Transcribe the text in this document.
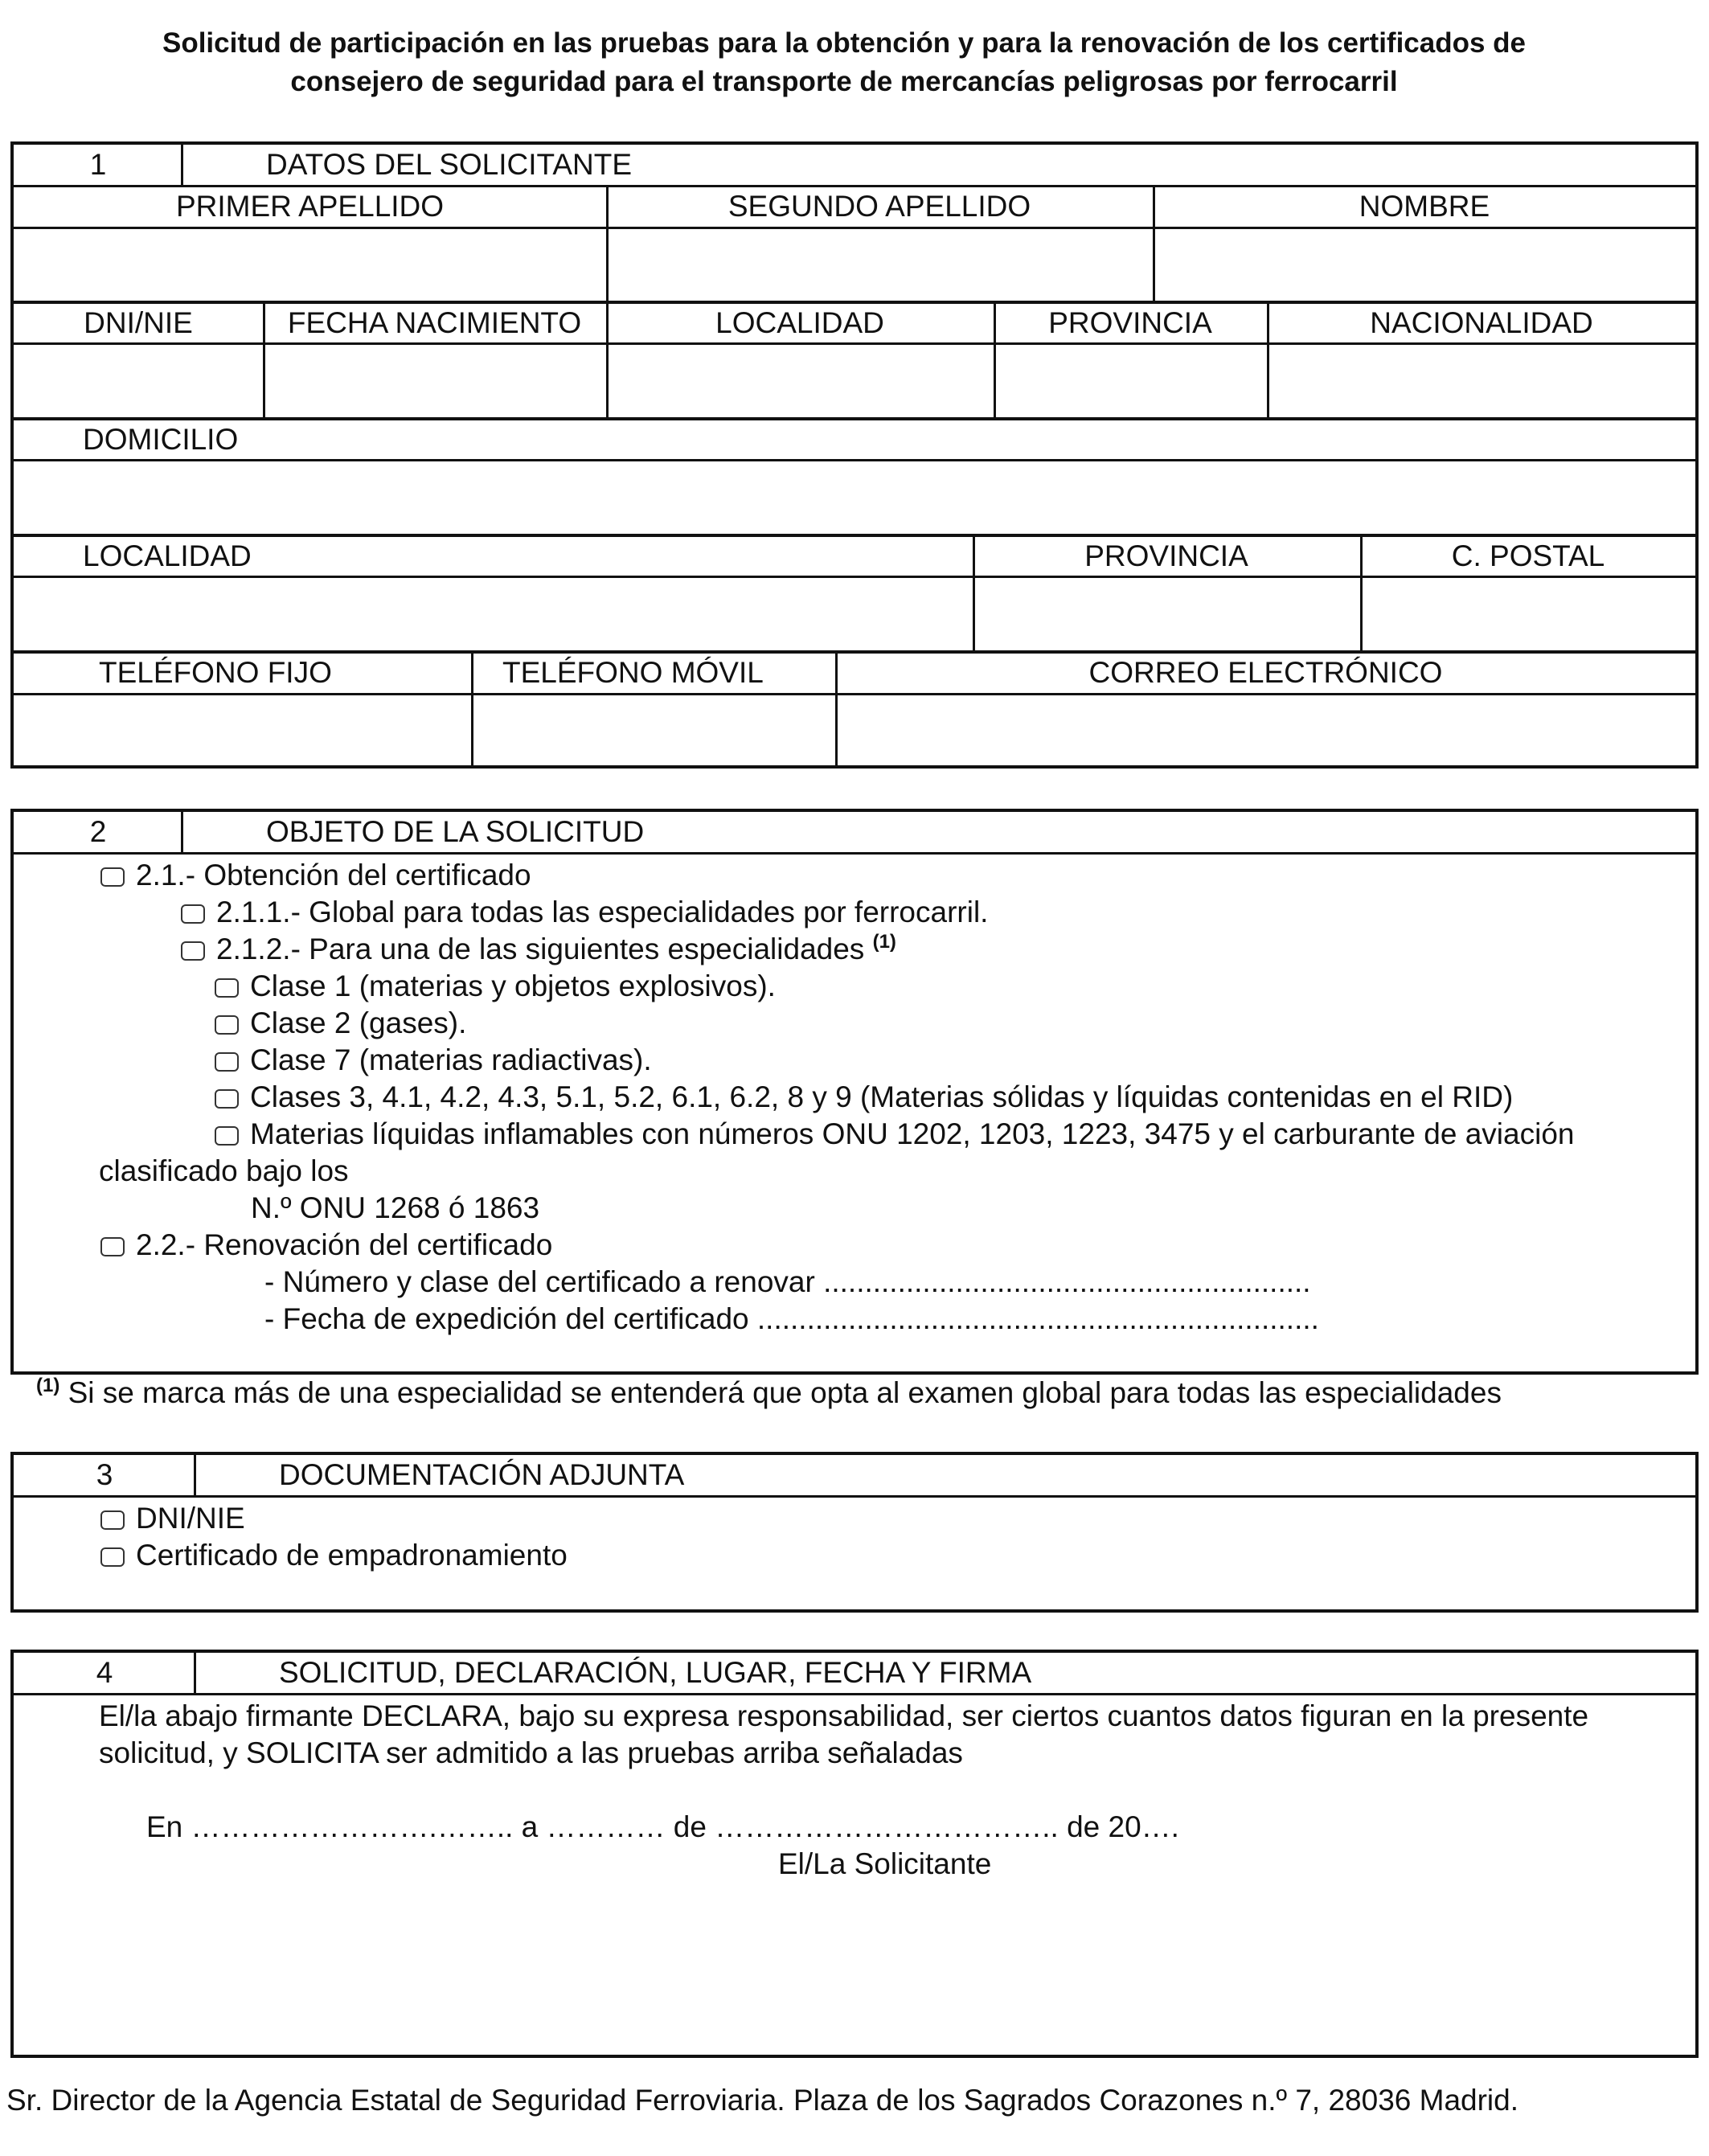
Solicitud de participación en las pruebas para la obtención y para la renovación de los certificados de
consejero de seguridad para el transporte de mercancías peligrosas por ferrocarril
1	DATOS DEL SOLICITANTE
PRIMER APELLIDO	SEGUNDO APELLIDO	NOMBRE
DNI/NIE	FECHA NACIMIENTO	LOCALIDAD	PROVINCIA	NACIONALIDAD
DOMICILIO
LOCALIDAD	PROVINCIA	C. POSTAL
TELÉFONO FIJO	TELÉFONO MÓVIL	CORREO ELECTRÓNICO
2	OBJETO DE LA SOLICITUD
2.1.- Obtención del certificado
2.1.1.- Global para todas las especialidades por ferrocarril.
2.1.2.- Para una de las siguientes especialidades $^{(1)}$
Clase 1 (materias y objetos explosivos).
Clase 2 (gases).
Clase 7 (materias radiactivas).
Clases 3, 4.1, 4.2, 4.3, 5.1, 5.2, 6.1, 6.2, 8 y 9 (Materias sólidas y líquidas contenidas en el RID)
Materias líquidas inflamables con números ONU 1202, 1203, 1223, 3475 y el carburante de aviación
clasificado bajo los
N.º ONU 1268 ó 1863
2.2.- Renovación del certificado
- Número y clase del certificado a renovar ...........................................................
- Fecha de expedición del certificado ....................................................................
$^{(1)}$ Si se marca más de una especialidad se entenderá que opta al examen global para todas las especialidades
3	DOCUMENTACIÓN ADJUNTA
DNI/NIE
Certificado de empadronamiento
4	SOLICITUD, DECLARACIÓN, LUGAR, FECHA Y FIRMA
El/la abajo firmante DECLARA, bajo su expresa responsabilidad, ser ciertos cuantos datos figuran en la presente
solicitud, y SOLICITA ser admitido a las pruebas arriba señaladas
En …………………….…….. a ………… de …………………………….. de 20….
El/La Solicitante
Sr. Director de la Agencia Estatal de Seguridad Ferroviaria. Plaza de los Sagrados Corazones n.º 7, 28036 Madrid.
